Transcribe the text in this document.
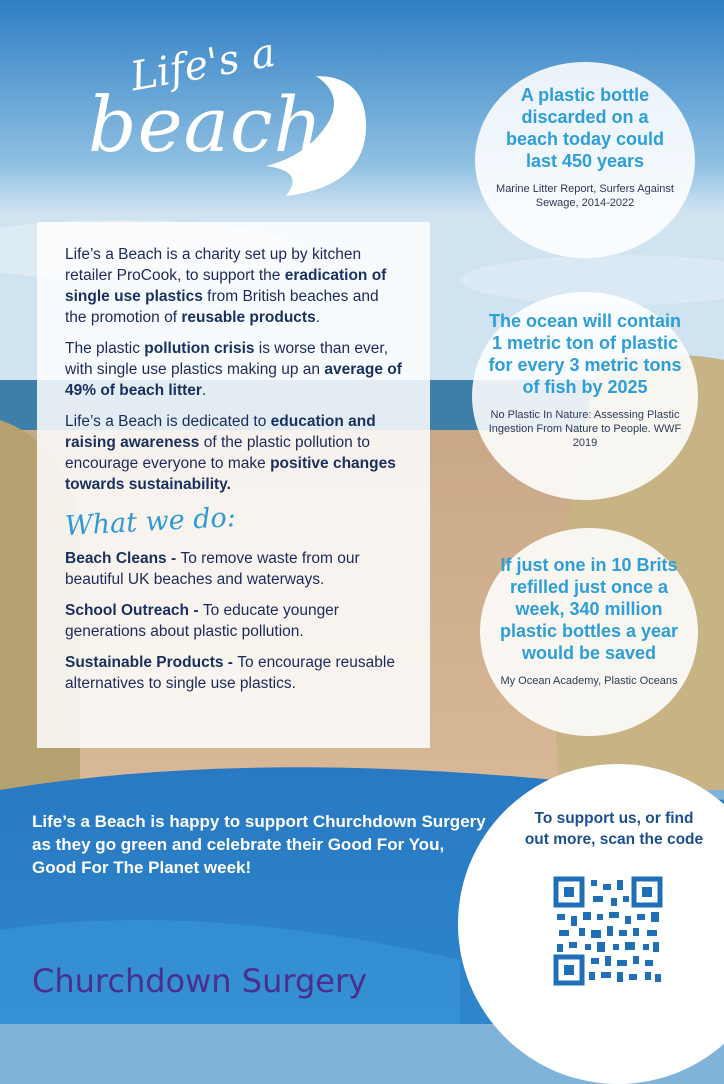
Life's a
beach

Life’s a Beach is a charity set up by kitchen retailer ProCook, to support the eradication of single use plastics from British beaches and the promotion of reusable products.

The plastic pollution crisis is worse than ever, with single use plastics making up an average of 49% of beach litter.

Life’s a Beach is dedicated to education and raising awareness of the plastic pollution to encourage everyone to make positive changes towards sustainability.

What we do:
Beach Cleans - To remove waste from our beautiful UK beaches and waterways.
School Outreach - To educate younger generations about plastic pollution.
Sustainable Products - To encourage reusable alternatives to single use plastics.
A plastic bottle discarded on a beach today could last 450 years
Marine Litter Report, Surfers Against Sewage, 2014-2022
The ocean will contain 1 metric ton of plastic for every 3 metric tons of fish by 2025
No Plastic In Nature: Assessing Plastic Ingestion From Nature to People. WWF 2019
If just one in 10 Brits refilled just once a week, 340 million plastic bottles a year would be saved
My Ocean Academy, Plastic Oceans
Life’s a Beach is happy to support Churchdown Surgery as they go green and celebrate their Good For You, Good For The Planet week!
To support us, or find out more, scan the code
Churchdown Surgery
